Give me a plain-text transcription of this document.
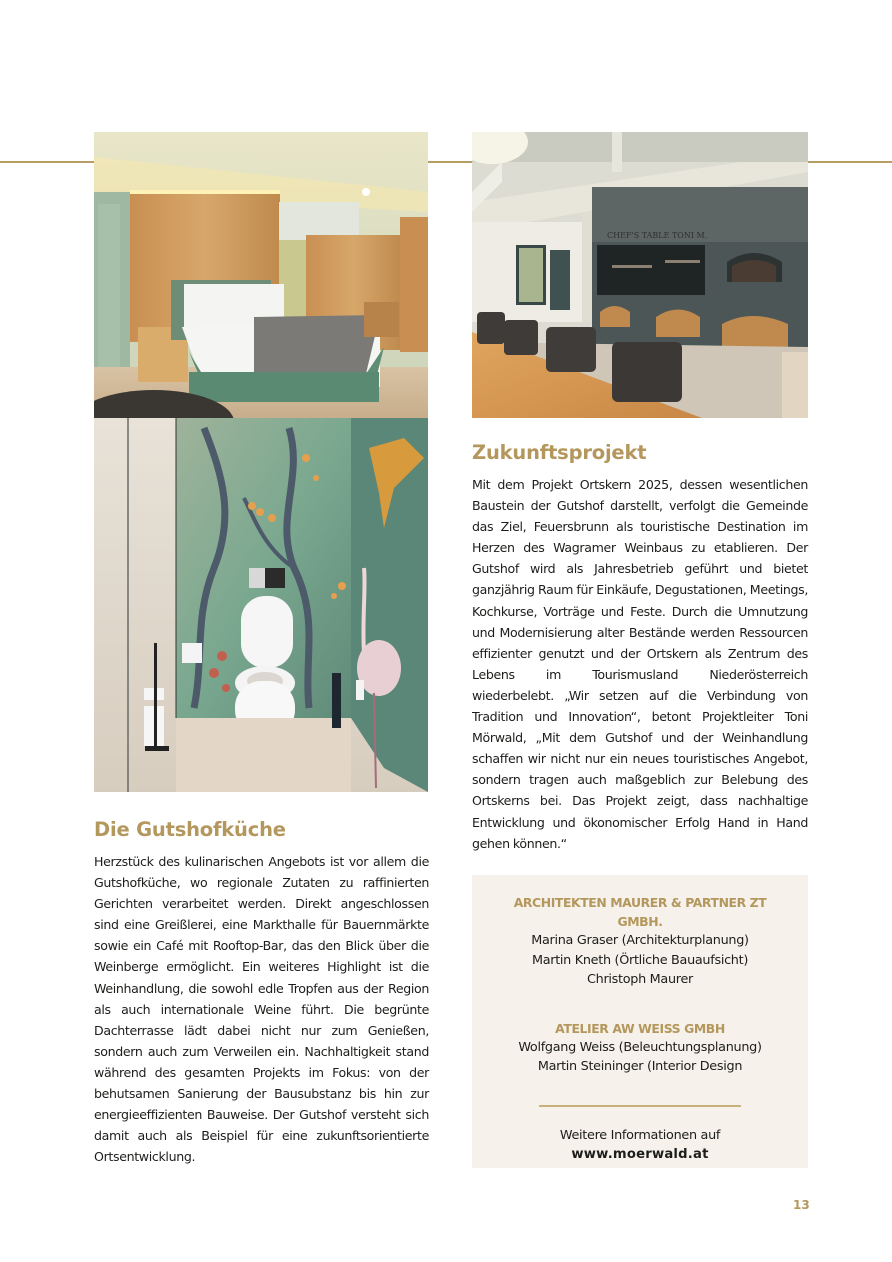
CHEF'S TABLE TONI M.
Die Gutshofküche

Herzstück des kulinarischen Angebots ist vor allem die Gutshofküche, wo regionale Zutaten zu raffinierten Gerichten verarbeitet werden. Direkt angeschlossen sind eine Greißlerei, eine Markthalle für Bauernmärkte sowie ein Café mit Rooftop-Bar, das den Blick über die Weinberge ermöglicht. Ein weiteres Highlight ist die Weinhandlung, die sowohl edle Tropfen aus der Region als auch internationale Weine führt. Die begrünte Dachterrasse lädt dabei nicht nur zum Genießen, sondern auch zum Verweilen ein. Nachhaltigkeit stand während des gesamten Projekts im Fokus: von der behutsamen Sanierung der Bausubstanz bis hin zur energieeffizienten Bauweise. Der Gutshof versteht sich damit auch als Beispiel für eine zukunftsorientierte Ortsentwicklung.

Zukunftsprojekt

Mit dem Projekt Ortskern 2025, dessen wesentlichen Baustein der Gutshof darstellt, verfolgt die Gemeinde das Ziel, Feuersbrunn als touristische Destination im Herzen des Wagramer Weinbaus zu etablieren. Der Gutshof wird als Jahresbetrieb geführt und bietet ganzjährig Raum für Einkäufe, Degustationen, Meetings, Kochkurse, Vorträge und Feste. Durch die Umnutzung und Modernisierung alter Bestände werden Ressourcen effizienter genutzt und der Ortskern als Zentrum des Lebens im Tourismusland Niederösterreich wiederbelebt. „Wir setzen auf die Verbindung von Tradition und Innovation“, betont Projektleiter Toni Mörwald, „Mit dem Gutshof und der Weinhandlung schaffen wir nicht nur ein neues touristisches Angebot, sondern tragen auch maßgeblich zur Belebung des Ortskerns bei. Das Projekt zeigt, dass nachhaltige Entwicklung und ökonomischer Erfolg Hand in Hand gehen können.“

ARCHITEKTEN MAURER & PARTNER ZT GMBH.
Marina Graser (Architekturplanung)
Martin Kneth (Örtliche Bauaufsicht)
Christoph Maurer
ATELIER AW WEISS GMBH
Wolfgang Weiss (Beleuchtungsplanung)
Martin Steininger (Interior Design
Weitere Informationen auf
www.moerwald.at
13
